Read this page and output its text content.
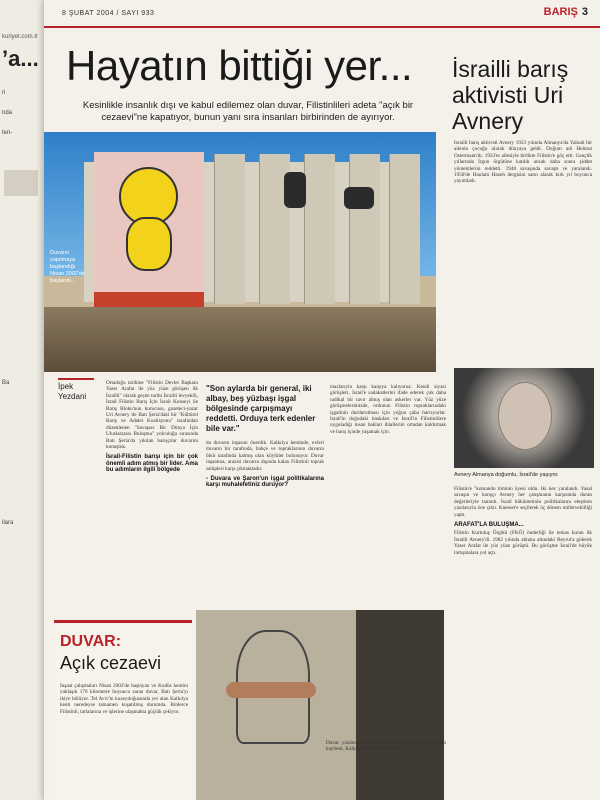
kuriyet.com.tr
’a...
ri
nda
ten-
Ba
ilara
8 ŞUBAT 2004 / SAYI 933	BARIŞ 3
Hayatın bittiği yer...
Kesinlikle insanlık dışı ve kabul edilemez olan duvar, Filistinlileri adeta "açık bir cezaevi"ne kapatıyor, bunun yanı sıra insanları birbirinden de ayırıyor.
Duvarın yapılmaya başlandığı Nisan 2002'de başlandı...
İsrailli barış aktivisti Uri Avnery
İsrailli barış aktivisti Avnery 1923 yılında Almanya'da Yahudi bir ailenin çocuğu olarak dünyaya geldi. Doğum adı Helmut Ostermann'dı. 1933'te ailesiyle birlikte Filistin'e göç etti. Gençlik yıllarında İrgun örgütüne katıldı ancak daha sonra şiddet yöntemlerini reddetti. 1948 savaşında savaştı ve yaralandı. 1950'de Haolam Hazeh dergisini satın alarak kırk yıl boyunca yayımladı.
Avnery Almanya doğumlu, İsrail'de yaşıyor.
Filistin'e "komando timinin üyesi oldu. İki kez yaralandı. Yasal savaşın ve barışçı Avnery her çatışmanın karşısında duran değerleriyle tanındı. İsrail hükümetinin politikalarını eleştiren yazılarıyla öne çıktı. Knesset'e seçilerek üç dönem milletvekilliği yaptı.
ARAFAT'LA BULUŞMA...
Filistin Kurtuluş Örgütü (FKÖ) önderliği ile temas kuran ilk İsrailli Avnery'di. 1982 yılında abluka altındaki Beyrut'a giderek Yaser Arafat ile yüz yüze görüştü. Bu görüşme İsrail'de büyük tartışmalara yol açtı.
İpek
Yezdani
Ortadoğu tarihine "Filistin Devlet Başkanı Yaser Arafat ile yüz yüze görüşen ilk İsrailli" olarak geçen tarihi İsrailli levyekili, İsrail Filistin Barış İçin İsrail Konseyi ile Barış Bloku'nun kurucusu, gazeteci-yazar Uri Avnery ile Batı Şeria'daki bir "Kültürel Barış ve Adalet Koalisyonu" tarafından düzenlenen "Savaşsız Bir Dünya İçin Uluslararası Buluşma" yolculuğu sırasında Batı Şeria'da yıkılan barışçılar duvarını konuştuk.
İsrail-Filistin barışı için bir çok önemli adım atmış bir lider. Ama bu adımların ilgili bölgede
"Son aylarda bir general, iki albay, beş yüzbaşı işgal bölgesinde çarpışmayı reddetti. Orduya terk edenler bile var."
da duvarın inşasını önerdik. Kalkılya kentinde, evleri duvarın bir tarafında, bahçe ve topraklarının duvarın öbür tarafında kalmış olan köylüler bulunuyor. Duvar inşaatına, arazisi duvarın dışında kalan Filistinli toprak sahipleri karşı çıkmaktadır.
- Duvara ve Şaron'un işgal politikalarına karşı muhalefetiniz duruyor?
mazlarıyla karşı karşıya kalıyoruz. Kendi siyasi görüşleri, İsrail'e sadakatlerini ifade ederek çok daha radikal bir tavır almış olan askerler var. Yüz yüze görüşmelerimizde, ordunun Filistin topraklarındaki işgalinin durdurulması için yoğun çaba harcıyorlar. İsrail'in doğudaki baskıları ve İsrail'in Filistinlilere uyguladığı insan hakları ihlallerini ortadan kaldırmak ve barış içinde yaşamak için.
DUVAR:
Açık cezaevi
İnşaat çalışmaları Nisan 2002'de başlayan ve Kudüs kentini yaklaşık 170 kilometre boyunca saran duvar, Batı Şeria'yı ikiye bölüyor. Tel Aviv'in kuzeydoğusunda yer alan Kalkılya kenti neredeyse tamamen kuşatılmış durumda. Binlerce Filistinli, tarlalarına ve işlerine ulaşmakta güçlük çekiyor.
Duvar yüzünden çiftçiler topraklarından yüzde 43'ünü kaybetti. Kalkılya Belediye Başkanı...
